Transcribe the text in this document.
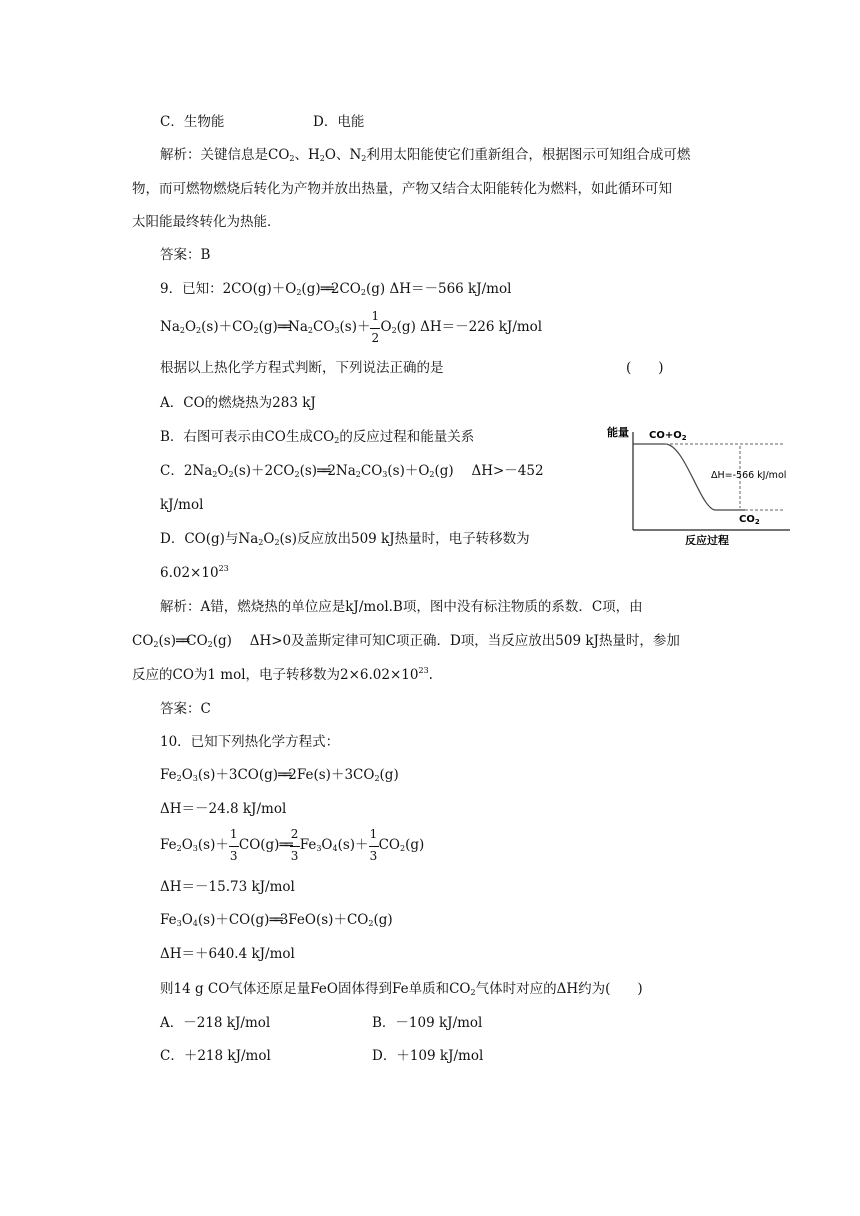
C．生物能	D．电能
解析：关键信息是$CO_2$、$H_2O$、$N_2$利用太阳能使它们重新组合，根据图示可知组合成可燃
物，而可燃物燃烧后转化为产物并放出热量，产物又结合太阳能转化为燃料，如此循环可知
太阳能最终转化为热能．
答案：B
9．已知：$2CO(g)+O_2(g)══2CO_2(g)$ ΔH＝－566 kJ/mol
$Na_2O_2(s)+CO_2(g)══Na_2CO_3(s)+ \frac{1}{2} O_2(g)$ ΔH＝－226 kJ/mol
根据以上热化学方程式判断，下列说法正确的是	(　　)
A．CO的燃烧热为283 kJ
B．右图可表示由CO生成$CO_2$的反应过程和能量关系
C．$2Na_2O_2(s)+2CO_2(s)══2Na_2CO_3(s)+O_2(g)$　 ΔH>－452
kJ/mol
D．CO(g)与$Na_2O_2(s)$反应放出509 kJ热量时，电子转移数为
$6.02\times 10^{23}$
能量 $CO+O_2$
ΔH=-566 kJ/mol
$CO_2$
反应过程
解析：A错，燃烧热的单位应是kJ/mol.B项，图中没有标注物质的系数．C项，由
$CO_2(s)══CO_2(g)$　 ΔH>0及盖斯定律可知C项正确．D项，当反应放出509 kJ热量时，参加
反应的CO为1 mol，电子转移数为$2\times 6.02\times 10^{23}$.
答案：C
10．已知下列热化学方程式：
$Fe_2O_3(s)+3CO(g)══2Fe(s)+3CO_2(g)$
ΔH＝－24.8 kJ/mol
$Fe_2O_3(s)+ \frac{1}{3}$ CO(g)══ $\frac{2}{3} Fe_3O_4(s)+ \frac{1}{3} CO_2(g)$
ΔH＝－15.73 kJ/mol
$Fe_3O_4(s)+CO(g)══3FeO(s)+CO_2(g)$
ΔH＝＋640.4 kJ/mol
则14 g CO气体还原足量FeO固体得到Fe单质和$CO_2$气体时对应的ΔH约为(　　)
A．－218 kJ/mol	B．－109 kJ/mol
C．＋218 kJ/mol	D．＋109 kJ/mol
